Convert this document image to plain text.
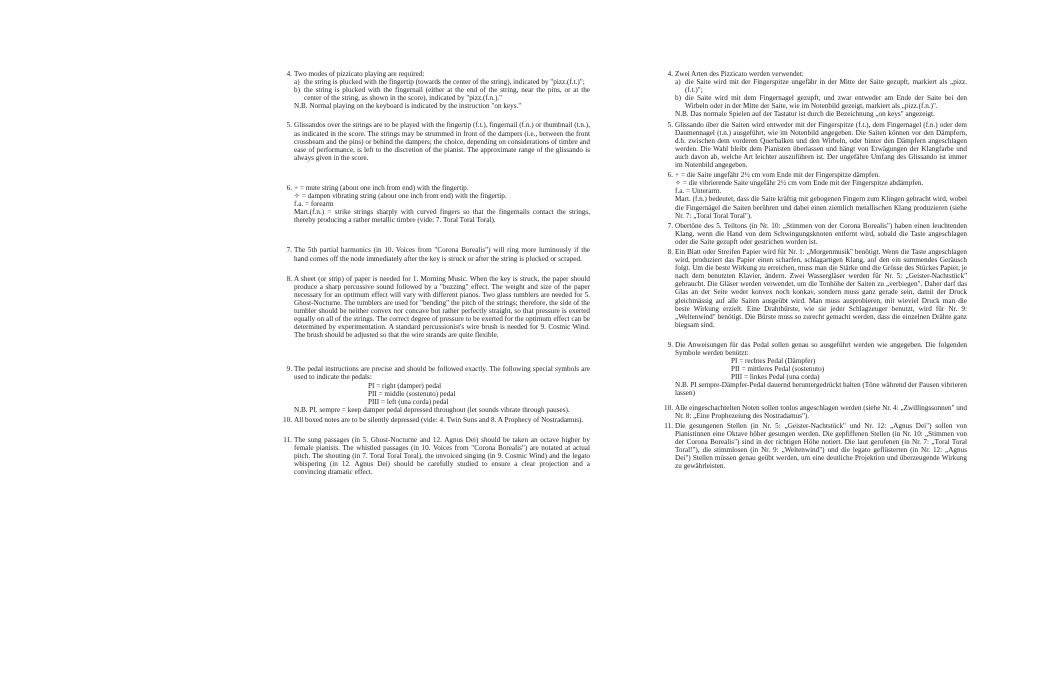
4. Two modes of pizzicato playing are required:

a) the string is plucked with the fingertip (towards the center of the string), indicated by "pizz.(f.t.)";

b) the string is plucked with the fingernail (either at the end of the string, near the pins, or at the center of the string, as shown in the score), indicated by "pizz.(f.n.)."

N.B. Normal playing on the keyboard is indicated by the instruction "on keys."

5. Glissandos over the strings are to be played with the fingertip (f.t.), fingernail (f.n.) or thumbnail (t.n.), as indicated in the score. The strings may be strummed in front of the dampers (i.e., between the front crossbeam and the pins) or behind the dampers; the choice, depending on considerations of timbre and ease of performance, is left to the discretion of the pianist. The approximate range of the glissando is always given in the score.

6. + = mute string (about one inch from end) with the fingertip.

✧ = dampen vibrating string (about one inch from end) with the fingertip.

f.a. = forearm

Mart.(f.n.) = strike strings sharply with curved fingers so that the fingernails contact the strings, thereby producing a rather metallic timbre (vide: 7. Toral Toral Toral).

7. The 5th partial harmonics (in 10. Voices from "Corona Borealis") will ring more luminously if the hand comes off the node immediately after the key is struck or after the string is plucked or scraped.

8. A sheet (or strip) of paper is needed for 1. Morning Music. When the key is struck, the paper should produce a sharp percussive sound followed by a "buzzing" effect. The weight and size of the paper necessary for an optimum effect will vary with different pianos. Two glass tumblers are needed for 5. Ghost-Nocturne. The tumblers are used for "bending" the pitch of the strings; therefore, the side of the tumbler should be neither convex nor concave but rather perfectly straight, so that pressure is exerted equally on all of the strings. The correct degree of pressure to be exerted for the optimum effect can be determined by experimentation. A standard percussionist's wire brush is needed for 9. Cosmic Wind. The brush should be adjusted so that the wire strands are quite flexible.

9. The pedal instructions are precise and should be followed exactly. The following special symbols are used to indicate the pedals:

PI = right (damper) pedal

PII = middle (sostenuto) pedal

PIII = left (una corda) pedal

N.B. PI. sempre = keep damper pedal depressed throughout (let sounds vibrate through pauses).

10. All boxed notes are to be silently depressed (vide: 4. Twin Suns and 8. A Prophecy of Nostradamus).

11. The sung passages (in 5. Ghost-Nocturne and 12. Agnus Dei) should be taken an octave higher by female pianists. The whistled passages (in 10. Voices from "Corona Borealis") are notated at actual pitch. The shouting (in 7. Toral Toral Toral), the unvoiced singing (in 9. Cosmic Wind) and the legato whispering (in 12. Agnus Dei) should be carefully studied to ensure a clear projection and a convincing dramatic effect.

4. Zwei Arten des Pizzicato werden verwendet:

a) die Saite wird mit der Fingerspitze ungefähr in der Mitte der Saite gezupft, markiert als „pizz.(f.t.)";

b) die Saite wird mit dem Fingernagel gezupft, und zwar entweder am Ende der Saite bei den Wirbeln oder in der Mitte der Saite, wie im Notenbild gezeigt, markiert als „pizz.(f.n.)".

N.B. Das normale Spielen auf der Tastatur ist durch die Bezeichnung „on keys" angezeigt.

5. Glissando über die Saiten wird entweder mit der Fingerspitze (f.t.), dem Fingernagel (f.n.) oder dem Daumennagel (t.n.) ausgeführt, wie im Notenbild angegeben. Die Saiten können vor den Dämpfern, d.h. zwischen dem vorderen Querbalken und den Wirbeln, oder hinter den Dämpfern angeschlagen werden. Die Wahl bleibt dem Pianisten überlassen und hängt von Erwägungen der Klangfarbe und auch davon ab, welche Art leichter auszuführen ist. Der ungefähre Umfang des Glissando ist immer im Notenbild angegeben.

6. + = die Saite ungefähr 2½ cm vom Ende mit der Fingerspitze dämpfen.

✧ = die vibrierende Saite ungefähr 2½ cm vom Ende mit der Fingerspitze abdämpfen.

f.a. = Unterarm.

Mart. (f.n.) bedeutet, dass die Saite kräftig mit gebogenen Fingern zum Klingen gebracht wird, wobei die Fingernägel die Saiten berühren und dabei einen ziemlich metallischen Klang produzieren (siehe Nr. 7: „Toral Toral Toral").

7. Obertöne des 5. Teiltons (in Nr. 10: „Stimmen von der Corona Borealis") haben einen leuchtenden Klang, wenn die Hand von dem Schwingungsknoten entfernt wird, sobald die Taste angeschlagen oder die Saite gezupft oder gestrichen worden ist.

8. Ein Blatt oder Streifen Papier wird für Nr. 1: „Morgenmusik" benötigt. Wenn die Taste angeschlagen wird, produziert das Papier einen scharfen, schlagartigen Klang, auf den ein summendes Geräusch folgt. Um die beste Wirkung zu erreichen, muss man die Stärke und die Grösse des Stückes Papier, je nach dem benutzten Klavier, ändern. Zwei Wassergläser werden für Nr. 5: „Geister-Nachtstück" gebraucht. Die Gläser werden verwendet, um die Tonhöhe der Saiten zu „verbiegen". Daher darf das Glas an der Seite weder konvex noch konkav, sondern muss ganz gerade sein, damit der Druck gleichmässig auf alle Saiten ausgeübt wird. Man muss ausprobieren, mit wieviel Druck man die beste Wirkung erzielt. Eine Drahtbürste, wie sie jeder Schlagzeuger benutzt, wird für Nr. 9: „Weltenwind" benötigt. Die Bürste muss so zurecht gemacht werden, dass die einzelnen Drähte ganz biegsam sind.

9. Die Anweisungen für das Pedal sollen genau so ausgeführt werden wie angegeben. Die folgenden Symbole werden benützt:

PI = rechtes Pedal (Dämpfer)

PII = mittleres Pedal (sostenuto)

PIII = linkes Pedal (una corda)

N.B. PI sempre-Dämpfer-Pedal dauernd heruntergedrückt halten (Töne während der Pausen vibrieren lassen)

10. Alle eingeschachtelten Noten sollen tonlos angeschlagen werden (siehe Nr. 4: „Zwillingssonnen" und Nr. 8: „Eine Prophezeiung des Nostradamus").

11. Die gesungenen Stellen (in Nr. 5: „Geister-Nachtstück" und Nr. 12: „Agnus Dei") sollen von Pianistinnen eine Oktave höher gesungen werden. Die gepfiffenen Stellen (in Nr. 10: „Stimmen von der Corona Borealis") sind in der richtigen Höhe notiert. Die laut gerufenen (in Nr. 7: „Toral Toral Toral!"), die stimmlosen (in Nr. 9: „Weltenwind") und die legato geflüsterten (in Nr. 12: „Agnus Dei") Stellen müssen genau geübt werden, um eine deutliche Projektion und überzeugende Wirkung zu gewährleisten.
